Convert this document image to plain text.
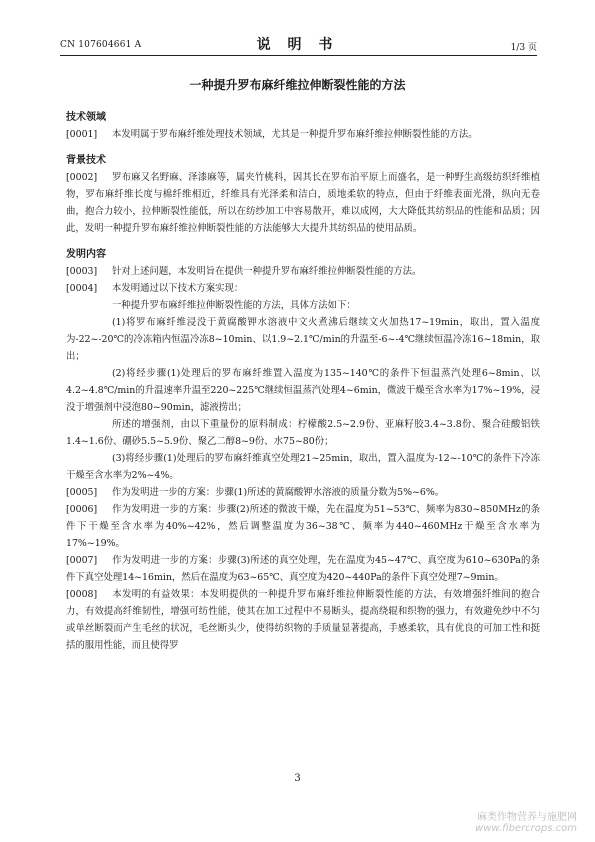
CN 107604661 A	说 明 书	1/3 页
一种提升罗布麻纤维拉伸断裂性能的方法
技术领域

[0001] 本发明属于罗布麻纤维处理技术领域，尤其是一种提升罗布麻纤维拉伸断裂性能的方法。

背景技术

[0002] 罗布麻又名野麻、泽漆麻等，属夹竹桃科，因其长在罗布泊平原上而盛名，是一种野生高级纺织纤维植物，罗布麻纤维长度与棉纤维相近，纤维具有光泽柔和洁白，质地柔软的特点，但由于纤维表面光滑，纵向无卷曲，抱合力较小，拉伸断裂性能低，所以在纺纱加工中容易散开，难以成网，大大降低其纺织品的性能和品质；因此，发明一种提升罗布麻纤维拉伸断裂性能的方法能够大大提升其纺织品的使用品质。

发明内容

[0003] 针对上述问题，本发明旨在提供一种提升罗布麻纤维拉伸断裂性能的方法。

[0004] 本发明通过以下技术方案实现：

一种提升罗布麻纤维拉伸断裂性能的方法，具体方法如下：

(1)将罗布麻纤维浸没于黄腐酸钾水溶液中文火煮沸后继续文火加热17~19min，取出，置入温度为-22~-20℃的冷冻箱内恒温冷冻8~10min、以1.9~2.1℃/min的升温至-6~-4℃继续恒温冷冻16~18min，取出；

(2)将经步骤(1)处理后的罗布麻纤维置入温度为135~140℃的条件下恒温蒸汽处理6~8min、以4.2~4.8℃/min的升温速率升温至220~225℃继续恒温蒸汽处理4~6min，微波干燥至含水率为17%~19%，浸没于增强剂中浸泡80~90min，滤液捞出；

所述的增强剂，由以下重量份的原料制成：柠檬酸2.5~2.9份、亚麻籽胶3.4~3.8份、聚合硅酸铝铁1.4~1.6份、硼砂5.5~5.9份、聚乙二醇8~9份、水75~80份；

(3)将经步骤(1)处理后的罗布麻纤维真空处理21~25min，取出，置入温度为-12~-10℃的条件下冷冻干燥至含水率为2%~4%。

[0005] 作为发明进一步的方案：步骤(1)所述的黄腐酸钾水溶液的质量分数为5%~6%。

[0006] 作为发明进一步的方案：步骤(2)所述的微波干燥，先在温度为51~53℃、频率为830~850MHz的条件下干燥至含水率为40%~42%，然后调整温度为36~38℃、频率为440~460MHz干燥至含水率为17%~19%。

[0007] 作为发明进一步的方案：步骤(3)所述的真空处理，先在温度为45~47℃、真空度为610~630Pa的条件下真空处理14~16min，然后在温度为63~65℃、真空度为420~440Pa的条件下真空处理7~9min。

[0008] 本发明的有益效果：本发明提供的一种提升罗布麻纤维拉伸断裂性能的方法，有效增强纤维间的抱合力，有效提高纤维韧性，增强可纺性能，使其在加工过程中不易断头，提高绕辊和织物的强力，有效避免纱中不匀或单丝断裂而产生毛丝的状况，毛丝断头少，使得纺织物的手质量显著提高，手感柔软，具有优良的可加工性和挺括的服用性能，而且使得罗

3
麻类作物营养与施肥网
www.fibercrops.com
